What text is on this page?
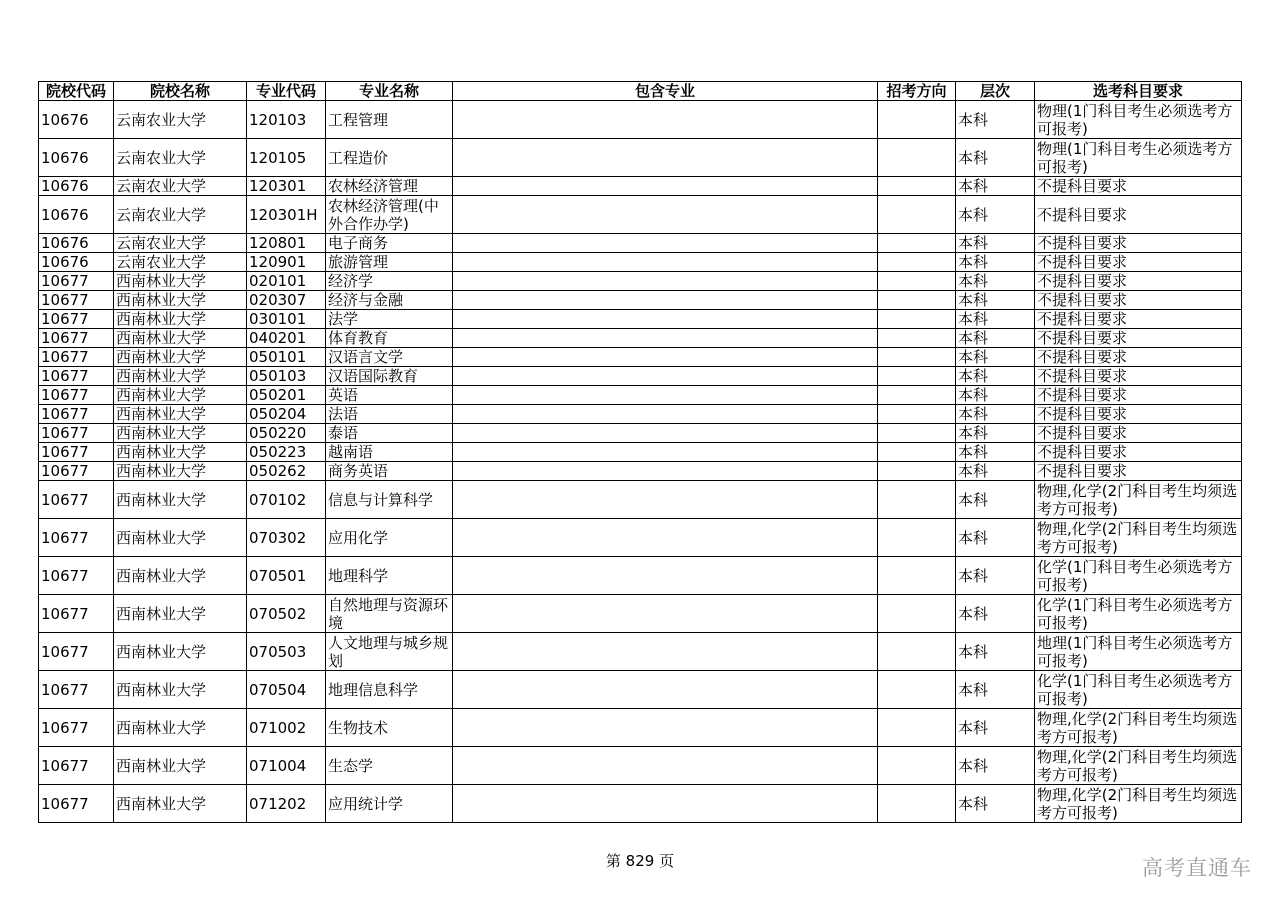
院校代码	院校名称	专业代码	专业名称	包含专业	招考方向	层次	选考科目要求
10676	云南农业大学	120103	工程管理			本科	物理(1门科目考生必须选考方可报考)
10676	云南农业大学	120105	工程造价			本科	物理(1门科目考生必须选考方可报考)
10676	云南农业大学	120301	农林经济管理			本科	不提科目要求
10676	云南农业大学	120301H	农林经济管理(中外合作办学)			本科	不提科目要求
10676	云南农业大学	120801	电子商务			本科	不提科目要求
10676	云南农业大学	120901	旅游管理			本科	不提科目要求
10677	西南林业大学	020101	经济学			本科	不提科目要求
10677	西南林业大学	020307	经济与金融			本科	不提科目要求
10677	西南林业大学	030101	法学			本科	不提科目要求
10677	西南林业大学	040201	体育教育			本科	不提科目要求
10677	西南林业大学	050101	汉语言文学			本科	不提科目要求
10677	西南林业大学	050103	汉语国际教育			本科	不提科目要求
10677	西南林业大学	050201	英语			本科	不提科目要求
10677	西南林业大学	050204	法语			本科	不提科目要求
10677	西南林业大学	050220	泰语			本科	不提科目要求
10677	西南林业大学	050223	越南语			本科	不提科目要求
10677	西南林业大学	050262	商务英语			本科	不提科目要求
10677	西南林业大学	070102	信息与计算科学			本科	物理,化学(2门科目考生均须选考方可报考)
10677	西南林业大学	070302	应用化学			本科	物理,化学(2门科目考生均须选考方可报考)
10677	西南林业大学	070501	地理科学			本科	化学(1门科目考生必须选考方可报考)
10677	西南林业大学	070502	自然地理与资源环境			本科	化学(1门科目考生必须选考方可报考)
10677	西南林业大学	070503	人文地理与城乡规划			本科	地理(1门科目考生必须选考方可报考)
10677	西南林业大学	070504	地理信息科学			本科	化学(1门科目考生必须选考方可报考)
10677	西南林业大学	071002	生物技术			本科	物理,化学(2门科目考生均须选考方可报考)
10677	西南林业大学	071004	生态学			本科	物理,化学(2门科目考生均须选考方可报考)
10677	西南林业大学	071202	应用统计学			本科	物理,化学(2门科目考生均须选考方可报考)
第 829 页	高考直通车
